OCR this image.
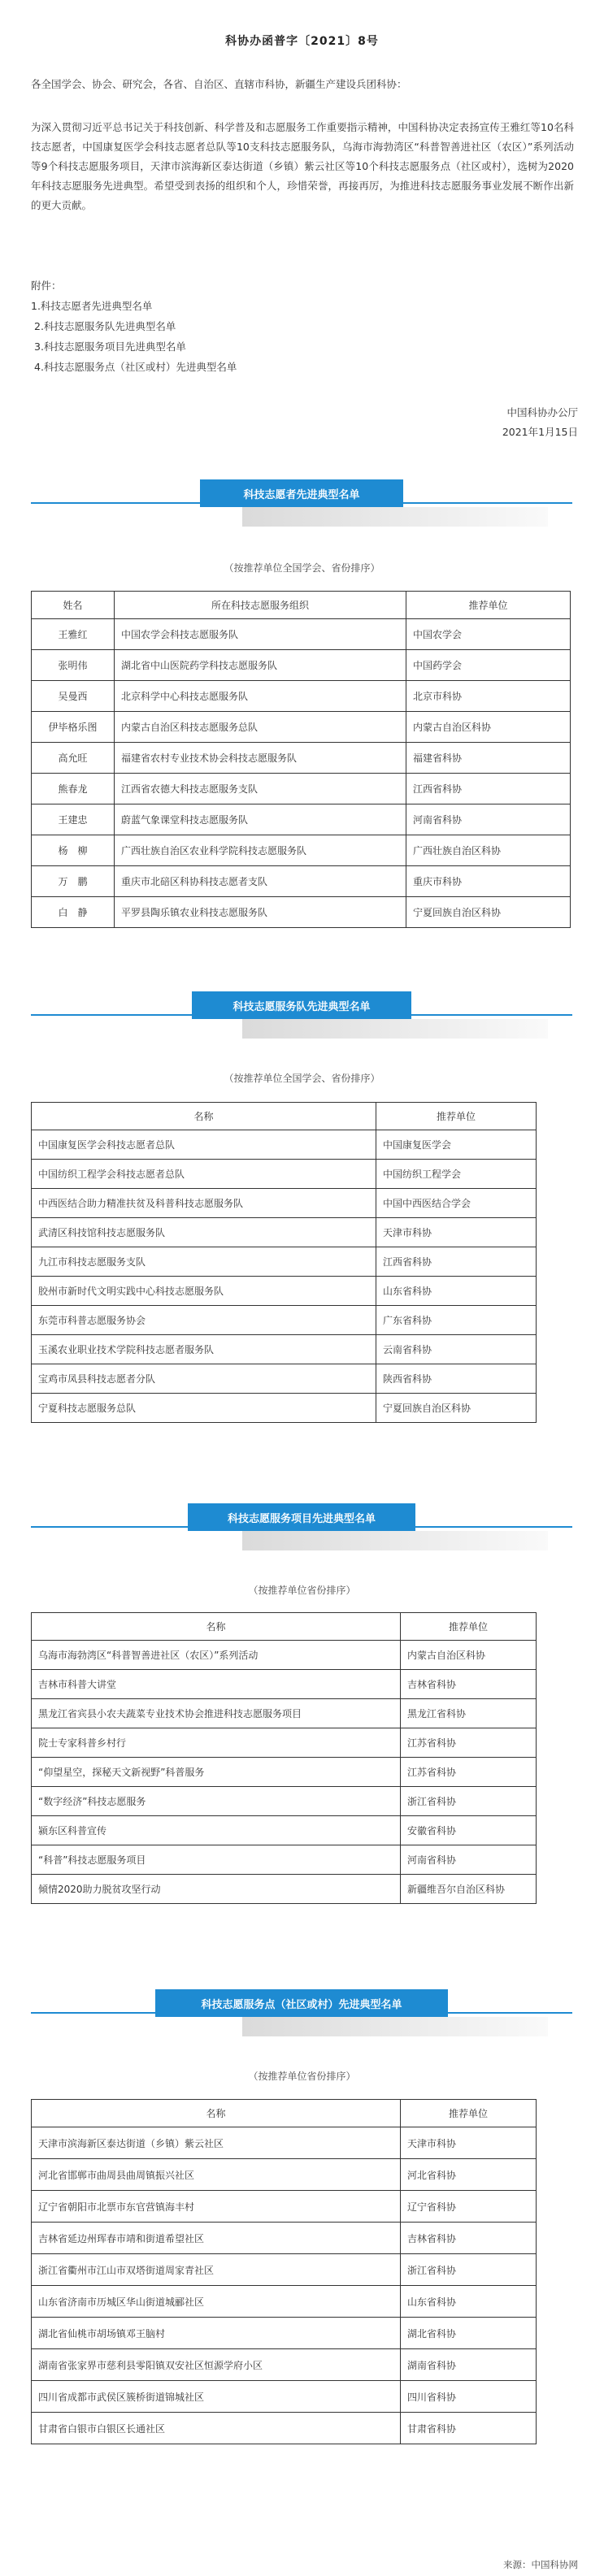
科协办函普字〔2021〕8号
各全国学会、协会、研究会，各省、自治区、直辖市科协，新疆生产建设兵团科协：
为深入贯彻习近平总书记关于科技创新、科学普及和志愿服务工作重要指示精神，中国科协决定表扬宣传王雅红等10名科技志愿者，中国康复医学会科技志愿者总队等10支科技志愿服务队，乌海市海勃湾区“科普智善进社区（农区）”系列活动等9个科技志愿服务项目，天津市滨海新区泰达街道（乡镇）紫云社区等10个科技志愿服务点（社区或村），选树为2020年科技志愿服务先进典型。希望受到表扬的组织和个人，珍惜荣誉，再接再厉，为推进科技志愿服务事业发展不断作出新的更大贡献。
附件：
1.科技志愿者先进典型名单
2.科技志愿服务队先进典型名单
3.科技志愿服务项目先进典型名单
4.科技志愿服务点（社区或村）先进典型名单
中国科协办公厅
2021年1月15日
科技志愿者先进典型名单
（按推荐单位全国学会、省份排序）
姓名	所在科技志愿服务组织	推荐单位
王雅红	中国农学会科技志愿服务队	中国农学会
张明伟	湖北省中山医院药学科技志愿服务队	中国药学会
吴曼西	北京科学中心科技志愿服务队	北京市科协
伊毕格乐图	内蒙古自治区科技志愿服务总队	内蒙古自治区科协
高允旺	福建省农村专业技术协会科技志愿服务队	福建省科协
熊春龙	江西省农德大科技志愿服务支队	江西省科协
王建忠	蔚蓝气象课堂科技志愿服务队	河南省科协
杨　柳	广西壮族自治区农业科学院科技志愿服务队	广西壮族自治区科协
万　鹏	重庆市北碚区科协科技志愿者支队	重庆市科协
白　静	平罗县陶乐镇农业科技志愿服务队	宁夏回族自治区科协
科技志愿服务队先进典型名单
（按推荐单位全国学会、省份排序）
名称	推荐单位
中国康复医学会科技志愿者总队	中国康复医学会
中国纺织工程学会科技志愿者总队	中国纺织工程学会
中西医结合助力精准扶贫及科普科技志愿服务队	中国中西医结合学会
武清区科技馆科技志愿服务队	天津市科协
九江市科技志愿服务支队	江西省科协
胶州市新时代文明实践中心科技志愿服务队	山东省科协
东莞市科普志愿服务协会	广东省科协
玉溪农业职业技术学院科技志愿者服务队	云南省科协
宝鸡市凤县科技志愿者分队	陕西省科协
宁夏科技志愿服务总队	宁夏回族自治区科协
科技志愿服务项目先进典型名单
（按推荐单位省份排序）
名称	推荐单位
乌海市海勃湾区“科普智善进社区（农区）”系列活动	内蒙古自治区科协
吉林市科普大讲堂	吉林省科协
黑龙江省宾县小农夫蔬菜专业技术协会推进科技志愿服务项目	黑龙江省科协
院士专家科普乡村行	江苏省科协
“仰望星空，探秘天文新视野”科普服务	江苏省科协
“数字经济”科技志愿服务	浙江省科协
颍东区科普宣传	安徽省科协
“科普”科技志愿服务项目	河南省科协
倾情2020助力脱贫攻坚行动	新疆维吾尔自治区科协
科技志愿服务点（社区或村）先进典型名单
（按推荐单位省份排序）
名称	推荐单位
天津市滨海新区泰达街道（乡镇）紫云社区	天津市科协
河北省邯郸市曲周县曲周镇振兴社区	河北省科协
辽宁省朝阳市北票市东官营镇海丰村	辽宁省科协
吉林省延边州珲春市靖和街道希望社区	吉林省科协
浙江省衢州市江山市双塔街道周家青社区	浙江省科协
山东省济南市历城区华山街道城郦社区	山东省科协
湖北省仙桃市胡场镇邓王脑村	湖北省科协
湖南省张家界市慈利县零阳镇双安社区恒源学府小区	湖南省科协
四川省成都市武侯区簇桥街道锦城社区	四川省科协
甘肃省白银市白银区长通社区	甘肃省科协
来源：中国科协网
